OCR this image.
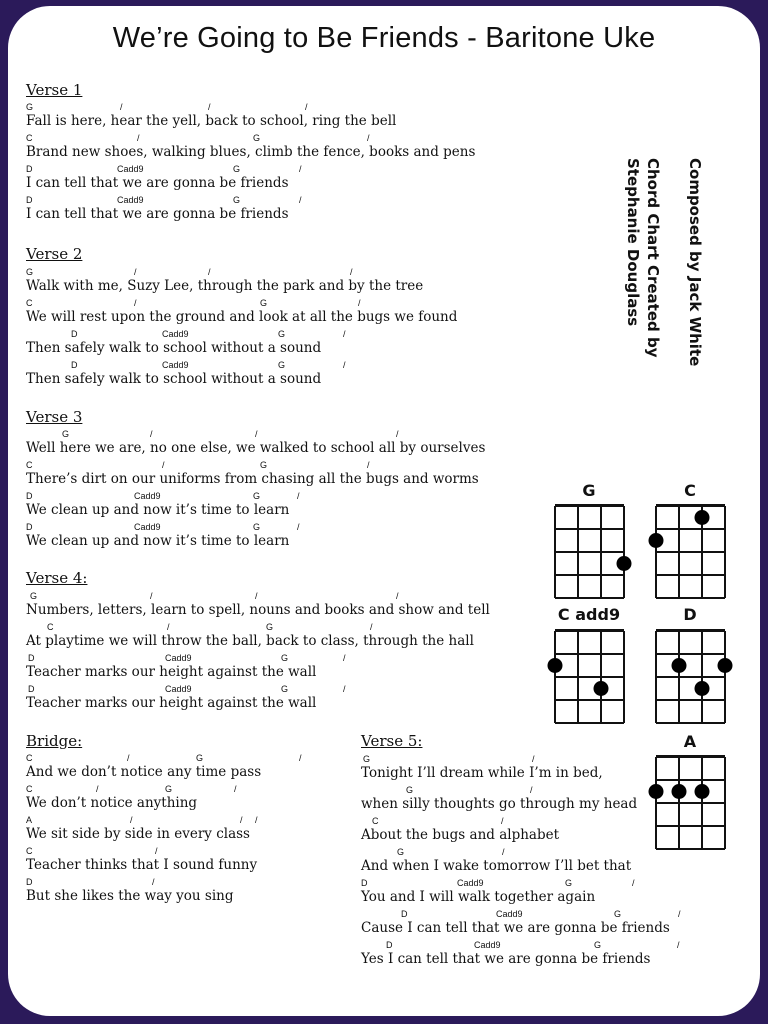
We’re Going to Be Friends - Baritone Uke
Verse 1
G	/	/	/
Fall is here, hear the yell, back to school, ring the bell
C	/	G	/
Brand new shoes, walking blues, climb the fence, books and pens
D	Cadd9	G	/
I can tell that we are gonna be friends
D	Cadd9	G	/
I can tell that we are gonna be friends
Verse 2
G	/	/	/
Walk with me, Suzy Lee, through the park and by the tree
C	/	G	/
We will rest upon the ground and look at all the bugs we found
D	Cadd9	G	/
Then safely walk to school without a sound
D	Cadd9	G	/
Then safely walk to school without a sound
Verse 3
G	/	/	/
Well here we are, no one else, we walked to school all by ourselves
C	/	G	/
There’s dirt on our uniforms from chasing all the bugs and worms
D	Cadd9	G	/
We clean up and now it’s time to learn
D	Cadd9	G	/
We clean up and now it’s time to learn
Verse 4:
G	/	/	/
Numbers, letters, learn to spell, nouns and books and show and tell
C	/	G	/
At playtime we will throw the ball, back to class, through the hall
D	Cadd9	G	/
Teacher marks our height against the wall
D	Cadd9	G	/
Teacher marks our height against the wall
Bridge:
C	/	G	/
And we don’t notice any time pass
C	/	G	/
We don’t notice anything
A	/	/ /
We sit side by side in every class
C	/
Teacher thinks that I sound funny
D	/
But she likes the way you sing
Verse 5:
G	/
Tonight I’ll dream while I’m in bed,
G	/
when silly thoughts go through my head
C	/
About the bugs and alphabet
G	/
And when I wake tomorrow I’ll bet that
D	Cadd9	G	/
You and I will walk together again
D	Cadd9	G	/
Cause I can tell that we are gonna be friends
D	Cadd9	G	/
Yes I can tell that we are gonna be friends
Composed by Jack White
Chord Chart Created by
Stephanie Douglass
G	C
C add9	D
A
